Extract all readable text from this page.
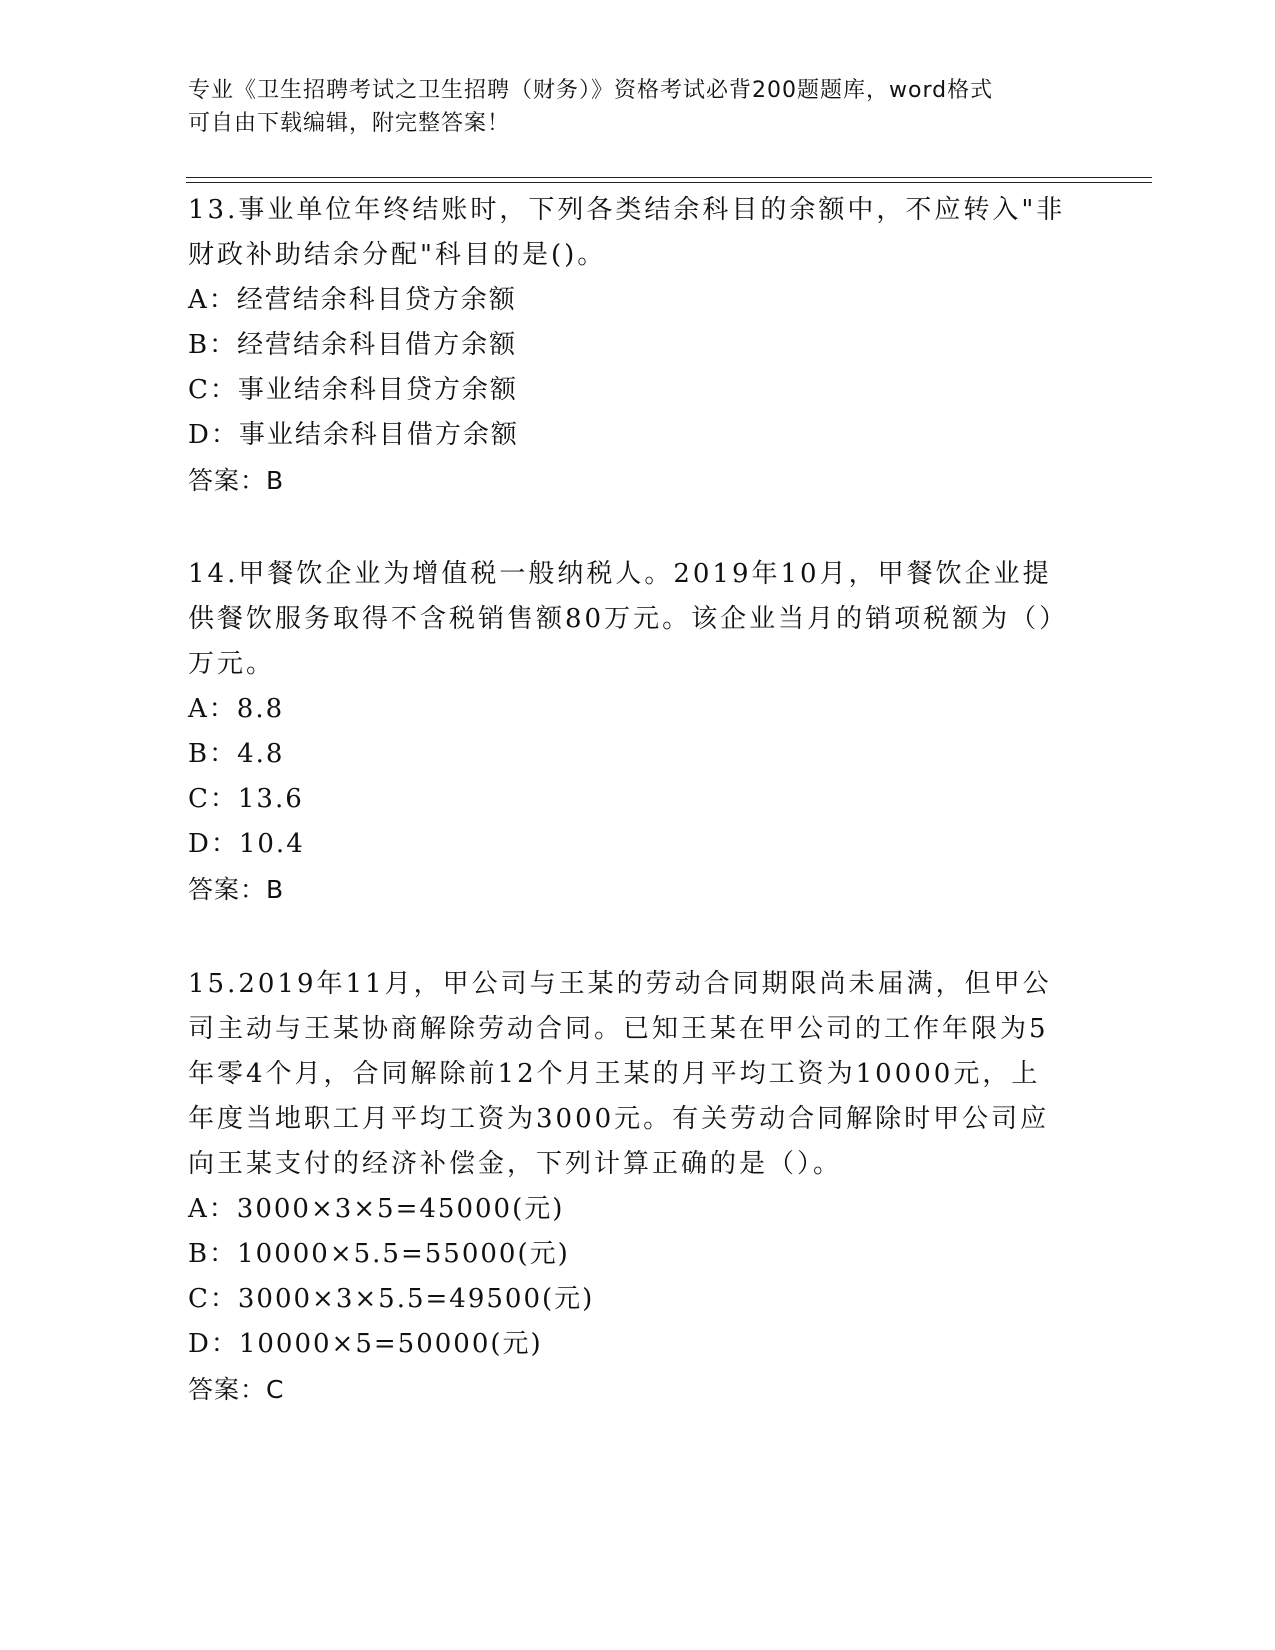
专业《卫生招聘考试之卫生招聘（财务）》资格考试必背200题题库，word格式
可自由下载编辑，附完整答案！

13.事业单位年终结账时，下列各类结余科目的余额中，不应转入"非财政补助结余分配"科目的是()。

A：经营结余科目贷方余额

B：经营结余科目借方余额

C：事业结余科目贷方余额

D：事业结余科目借方余额

答案：B

14.甲餐饮企业为增值税一般纳税人。2019年10月，甲餐饮企业提供餐饮服务取得不含税销售额80万元。该企业当月的销项税额为（）万元。

A：8.8

B：4.8

C：13.6

D：10.4

答案：B

15.2019年11月，甲公司与王某的劳动合同期限尚未届满，但甲公司主动与王某协商解除劳动合同。已知王某在甲公司的工作年限为5年零4个月，合同解除前12个月王某的月平均工资为10000元，上年度当地职工月平均工资为3000元。有关劳动合同解除时甲公司应向王某支付的经济补偿金，下列计算正确的是（）。

A：3000×3×5=45000(元)

B：10000×5.5=55000(元)

C：3000×3×5.5=49500(元)

D：10000×5=50000(元)

答案：C
